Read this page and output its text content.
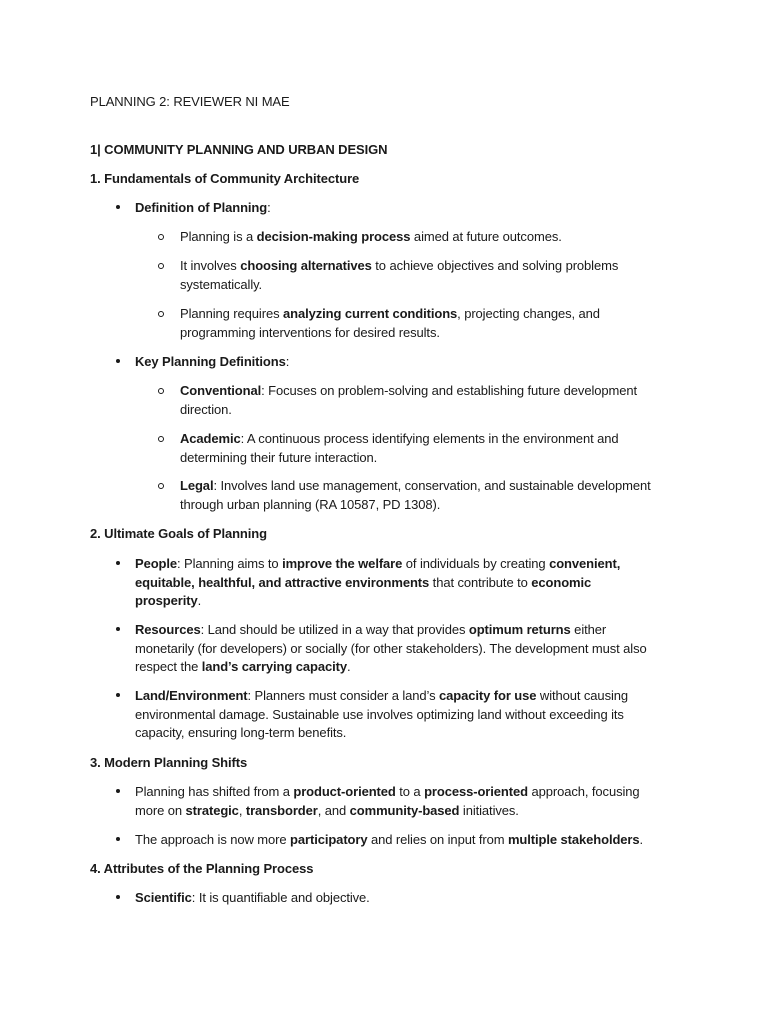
PLANNING 2: REVIEWER NI MAE
1| COMMUNITY PLANNING AND URBAN DESIGN
1. Fundamentals of Community Architecture
Definition of Planning:
Planning is a decision-making process aimed at future outcomes.
It involves choosing alternatives to achieve objectives and solving problems
systematically.
Planning requires analyzing current conditions, projecting changes, and
programming interventions for desired results.
Key Planning Definitions:
Conventional: Focuses on problem-solving and establishing future development
direction.
Academic: A continuous process identifying elements in the environment and
determining their future interaction.
Legal: Involves land use management, conservation, and sustainable development
through urban planning (RA 10587, PD 1308).
2. Ultimate Goals of Planning
People: Planning aims to improve the welfare of individuals by creating convenient,
equitable, healthful, and attractive environments that contribute to economic
prosperity.
Resources: Land should be utilized in a way that provides optimum returns either
monetarily (for developers) or socially (for other stakeholders). The development must also
respect the land’s carrying capacity.
Land/Environment: Planners must consider a land’s capacity for use without causing
environmental damage. Sustainable use involves optimizing land without exceeding its
capacity, ensuring long-term benefits.
3. Modern Planning Shifts
Planning has shifted from a product-oriented to a process-oriented approach, focusing
more on strategic, transborder, and community-based initiatives.
The approach is now more participatory and relies on input from multiple stakeholders.
4. Attributes of the Planning Process
Scientific: It is quantifiable and objective.
